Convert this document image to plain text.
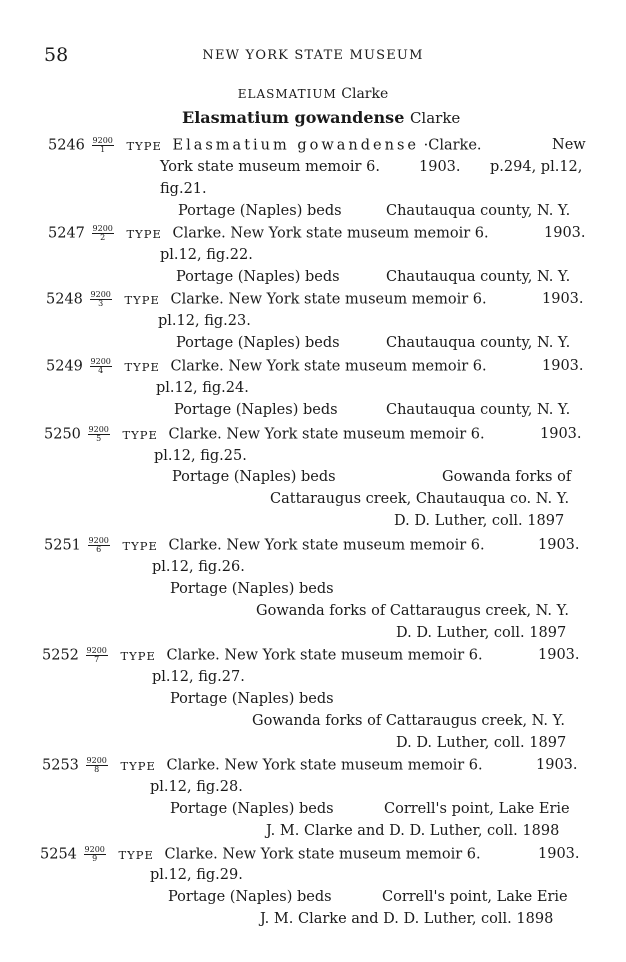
58	NEW YORK STATE MUSEUM
ELASMATIUM Clarke
Elasmatium gowandense Clarke
$5246 \frac{9200}{1}$ TYPE Elasmatium gowandense ·Clarke.	New
York state museum memoir 6.	1903. p.294, pl.12,
fig.21.
Portage (Naples) beds	Chautauqua county, N. Y.
$5247 \frac{9200}{2}$ TYPE Clarke. New York state museum memoir 6.	1903.
pl.12, fig.22.
Portage (Naples) beds	Chautauqua county, N. Y.
$5248 \frac{9200}{3}$ TYPE Clarke. New York state museum memoir 6.	1903.
pl.12, fig.23.
Portage (Naples) beds	Chautauqua county, N. Y.
$5249 \frac{9200}{4}$ TYPE Clarke. New York state museum memoir 6.	1903.
pl.12, fig.24.
Portage (Naples) beds	Chautauqua county, N. Y.
$5250 \frac{9200}{5}$ TYPE Clarke. New York state museum memoir 6.	1903.
pl.12, fig.25.
Portage (Naples) beds	Gowanda forks of
Cattaraugus creek, Chautauqua co. N. Y.
D. D. Luther, coll. 1897
$5251 \frac{9200}{6}$ TYPE Clarke. New York state museum memoir 6.	1903.
pl.12, fig.26.
Portage (Naples) beds
Gowanda forks of Cattaraugus creek, N. Y.
D. D. Luther, coll. 1897
$5252 \frac{9200}{7}$ TYPE Clarke. New York state museum memoir 6.	1903.
pl.12, fig.27.
Portage (Naples) beds
Gowanda forks of Cattaraugus creek, N. Y.
D. D. Luther, coll. 1897
$5253 \frac{9200}{8}$ TYPE Clarke. New York state museum memoir 6.	1903.
pl.12, fig.28.
Portage (Naples) beds	Correll's point, Lake Erie
J. M. Clarke and D. D. Luther, coll. 1898
$5254 \frac{9200}{9}$ TYPE Clarke. New York state museum memoir 6.	1903.
pl.12, fig.29.
Portage (Naples) beds	Correll's point, Lake Erie
J. M. Clarke and D. D. Luther, coll. 1898
